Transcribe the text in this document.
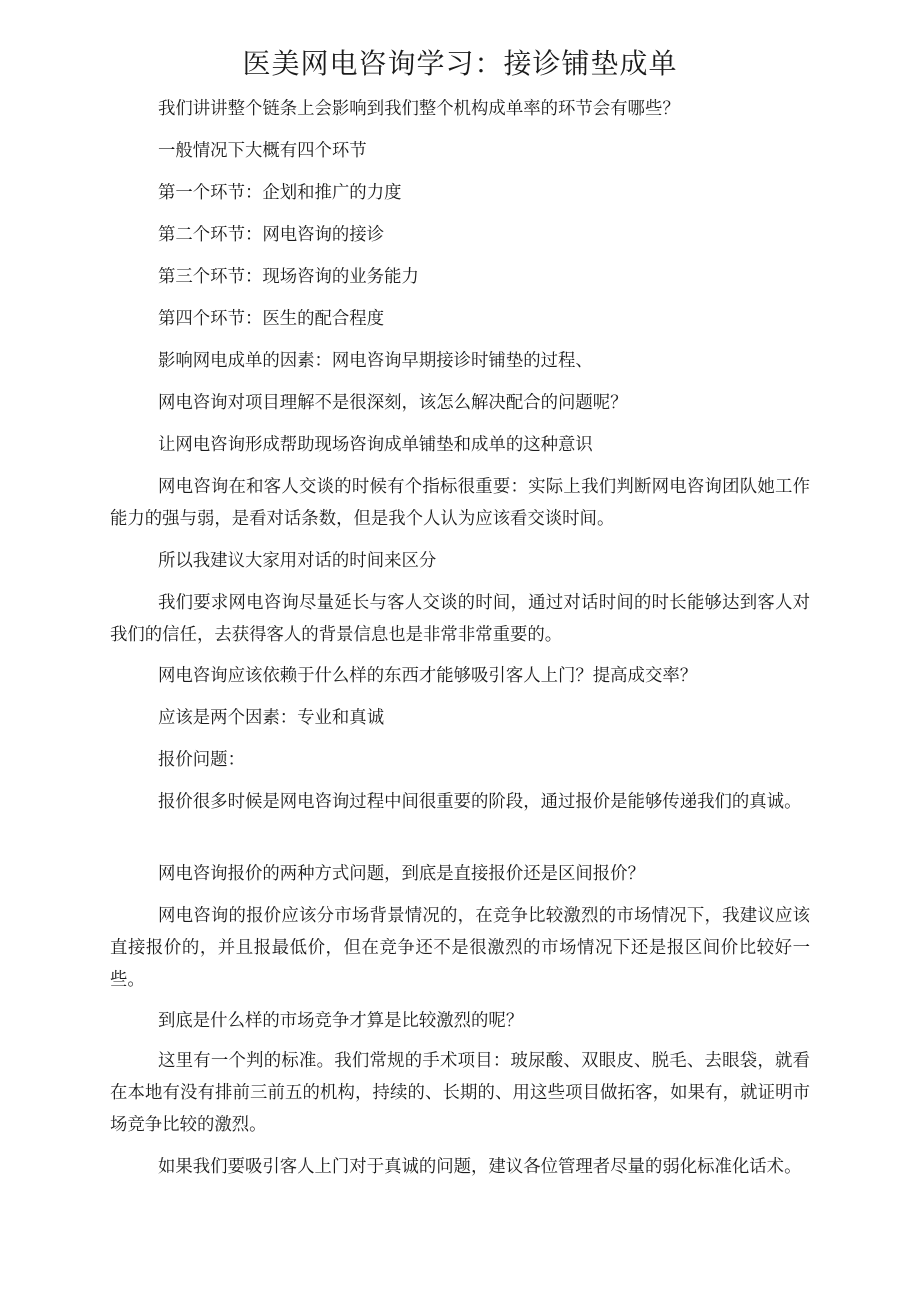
医美网电咨询学习：接诊铺垫成单

我们讲讲整个链条上会影响到我们整个机构成单率的环节会有哪些？

一般情况下大概有四个环节

第一个环节：企划和推广的力度

第二个环节：网电咨询的接诊

第三个环节：现场咨询的业务能力

第四个环节：医生的配合程度

影响网电成单的因素：网电咨询早期接诊时铺垫的过程、

网电咨询对项目理解不是很深刻，该怎么解决配合的问题呢？

让网电咨询形成帮助现场咨询成单铺垫和成单的这种意识

网电咨询在和客人交谈的时候有个指标很重要：实际上我们判断网电咨询团队她工作能力的强与弱，是看对话条数，但是我个人认为应该看交谈时间。

所以我建议大家用对话的时间来区分

我们要求网电咨询尽量延长与客人交谈的时间，通过对话时间的时长能够达到客人对我们的信任，去获得客人的背景信息也是非常非常重要的。

网电咨询应该依赖于什么样的东西才能够吸引客人上门？提高成交率？

应该是两个因素：专业和真诚

报价问题：

报价很多时候是网电咨询过程中间很重要的阶段，通过报价是能够传递我们的真诚。

网电咨询报价的两种方式问题，到底是直接报价还是区间报价？

网电咨询的报价应该分市场背景情况的，在竞争比较激烈的市场情况下，我建议应该直接报价的，并且报最低价，但在竞争还不是很激烈的市场情况下还是报区间价比较好一些。

到底是什么样的市场竞争才算是比较激烈的呢？

这里有一个判的标准。我们常规的手术项目：玻尿酸、双眼皮、脱毛、去眼袋，就看在本地有没有排前三前五的机构，持续的、长期的、用这些项目做拓客，如果有，就证明市场竞争比较的激烈。

如果我们要吸引客人上门对于真诚的问题，建议各位管理者尽量的弱化标准化话术。
